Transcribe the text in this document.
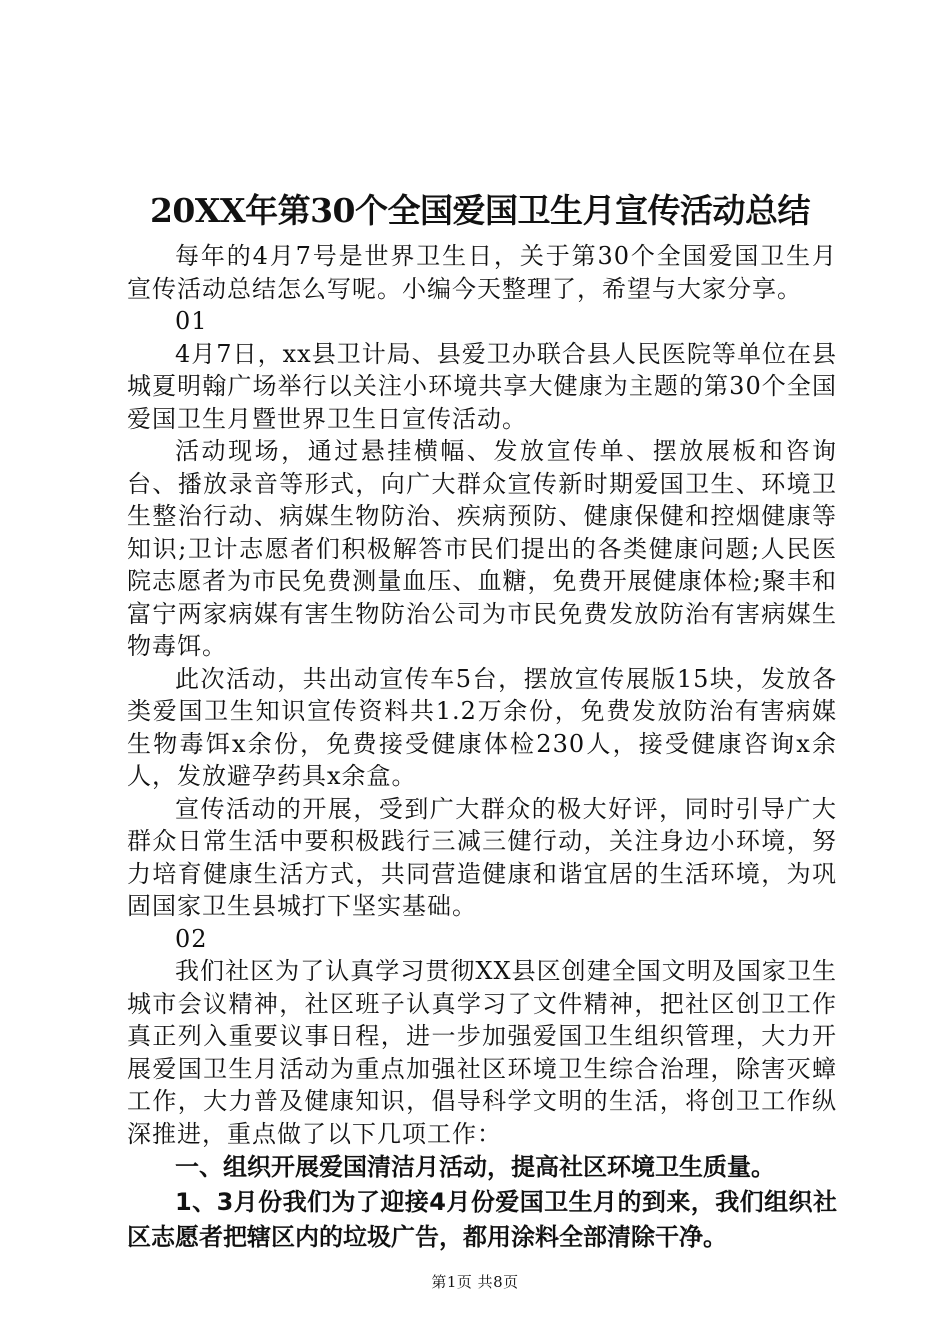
20XX年第30个全国爱国卫生月宣传活动总结

每年的4月7号是世界卫生日，关于第30个全国爱国卫生月宣传活动总结怎么写呢。小编今天整理了，希望与大家分享。

01

4月7日，xx县卫计局、县爱卫办联合县人民医院等单位在县城夏明翰广场举行以关注小环境共享大健康为主题的第30个全国爱国卫生月暨世界卫生日宣传活动。

活动现场，通过悬挂横幅、发放宣传单、摆放展板和咨询台、播放录音等形式，向广大群众宣传新时期爱国卫生、环境卫生整治行动、病媒生物防治、疾病预防、健康保健和控烟健康等知识;卫计志愿者们积极解答市民们提出的各类健康问题;人民医院志愿者为市民免费测量血压、血糖，免费开展健康体检;聚丰和富宁两家病媒有害生物防治公司为市民免费发放防治有害病媒生物毒饵。

此次活动，共出动宣传车5台，摆放宣传展版15块，发放各类爱国卫生知识宣传资料共1.2万余份，免费发放防治有害病媒生物毒饵x余份，免费接受健康体检230人，接受健康咨询x余人，发放避孕药具x余盒。

宣传活动的开展，受到广大群众的极大好评，同时引导广大群众日常生活中要积极践行三减三健行动，关注身边小环境，努力培育健康生活方式，共同营造健康和谐宜居的生活环境，为巩固国家卫生县城打下坚实基础。

02

我们社区为了认真学习贯彻XX县区创建全国文明及国家卫生城市会议精神，社区班子认真学习了文件精神，把社区创卫工作真正列入重要议事日程，进一步加强爱国卫生组织管理，大力开展爱国卫生月活动为重点加强社区环境卫生综合治理，除害灭蟑工作，大力普及健康知识，倡导科学文明的生活，将创卫工作纵深推进，重点做了以下几项工作：

一、组织开展爱国清洁月活动，提高社区环境卫生质量。

1、3月份我们为了迎接4月份爱国卫生月的到来，我们组织社区志愿者把辖区内的垃圾广告，都用涂料全部清除干净。

第1页 共8页
